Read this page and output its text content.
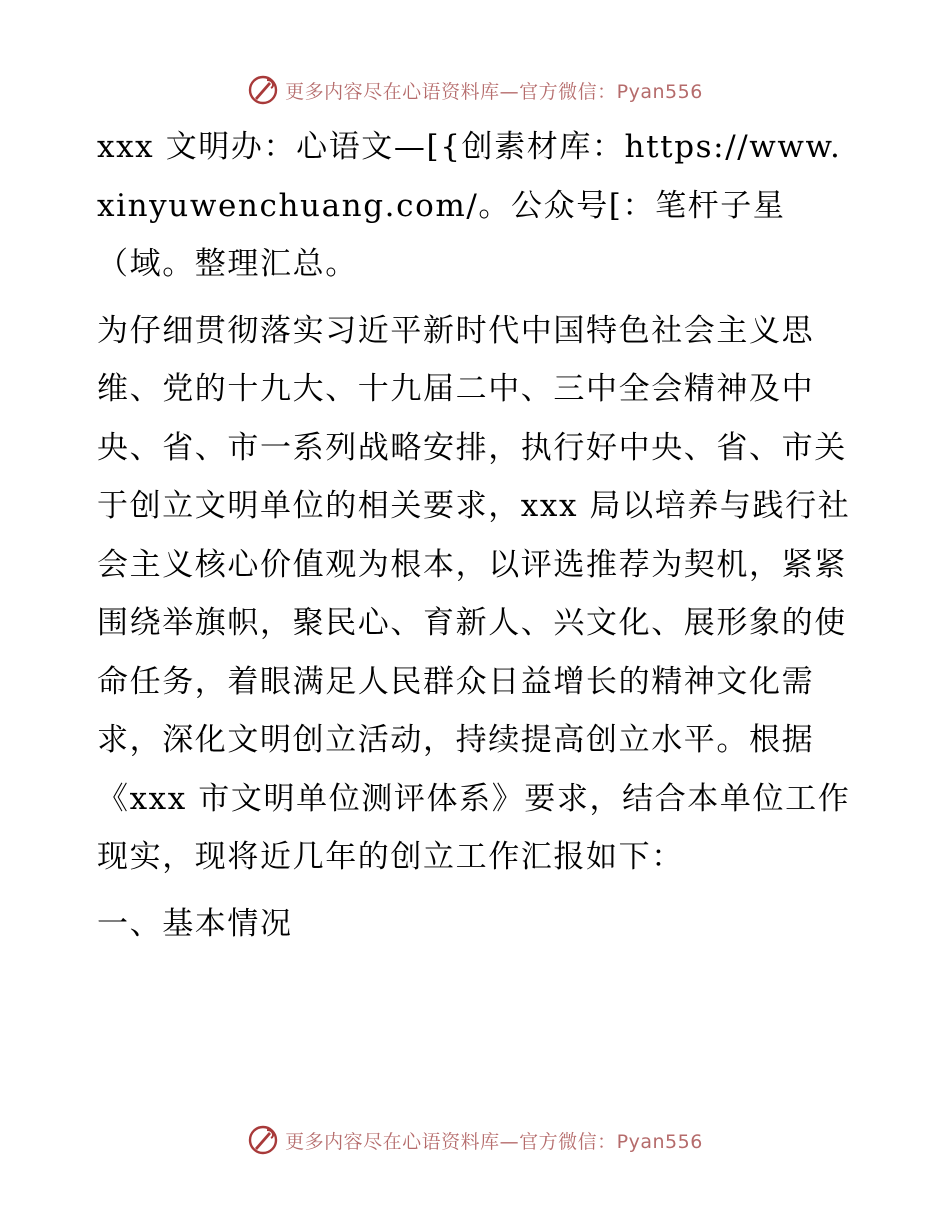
更多内容尽在心语资料库—官方微信：Pyan556

xxx 文明办：心语文—[{创素材库：https://www.xinyuwenchuang.com/。公众号[：笔杆子星（域。整理汇总。

为仔细贯彻落实习近平新时代中国特色社会主义思维、党的十九大、十九届二中、三中全会精神及中央、省、市一系列战略安排，执行好中央、省、市关于创立文明单位的相关要求，xxx 局以培养与践行社会主义核心价值观为根本，以评选推荐为契机，紧紧围绕举旗帜，聚民心、育新人、兴文化、展形象的使命任务，着眼满足人民群众日益增长的精神文化需求，深化文明创立活动，持续提高创立水平。根据《xxx 市文明单位测评体系》要求，结合本单位工作现实，现将近几年的创立工作汇报如下：

一、基本情况

更多内容尽在心语资料库—官方微信：Pyan556
